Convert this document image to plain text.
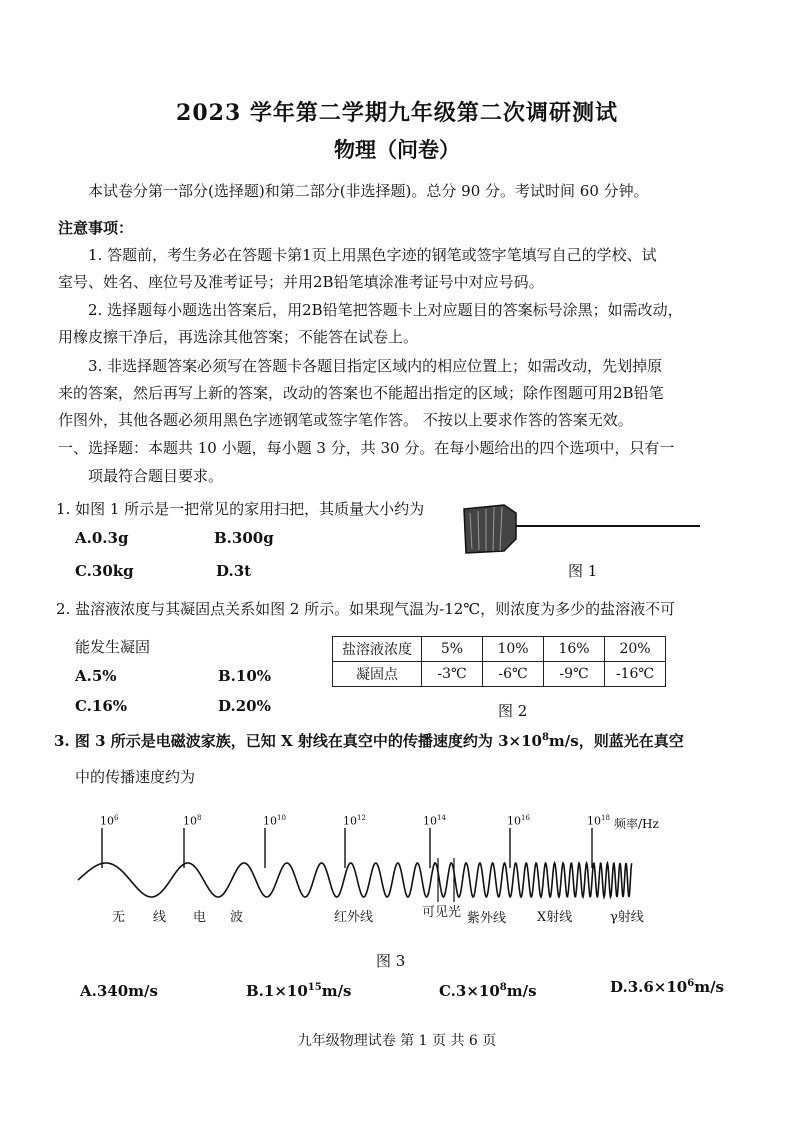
2023 学年第二学期九年级第二次调研测试
物理（问卷）
本试卷分第一部分(选择题)和第二部分(非选择题)。总分 90 分。考试时间 60 分钟。
注意事项：
1. 答题前，考生务必在答题卡第1页上用黑色字迹的钢笔或签字笔填写自己的学校、试
室号、姓名、座位号及准考证号；并用2B铅笔填涂准考证号中对应号码。
2. 选择题每小题选出答案后，用2B铅笔把答题卡上对应题目的答案标号涂黑；如需改动，
用橡皮擦干净后，再选涂其他答案；不能答在试卷上。
3. 非选择题答案必须写在答题卡各题目指定区域内的相应位置上；如需改动，先划掉原
来的答案，然后再写上新的答案，改动的答案也不能超出指定的区域；除作图题可用2B铅笔
作图外，其他各题必须用黑色字迹钢笔或签字笔作答。 不按以上要求作答的答案无效。
一、选择题：本题共 10 小题，每小题 3 分，共 30 分。在每小题给出的四个选项中，只有一
项最符合题目要求。
1. 如图 1 所示是一把常见的家用扫把，其质量大小约为
A.0.3g	B.300g
C.30kg	D.3t	图 1
2. 盐溶液浓度与其凝固点关系如图 2 所示。如果现气温为-12℃，则浓度为多少的盐溶液不可
能发生凝固
A.5%	B.10%
C.16%	D.20%
盐溶液浓度	5%	10%	16%	20%
凝固点	-3℃	-6℃	-9℃	-16℃
图 2
3. 图 3 所示是电磁波家族，已知 X 射线在真空中的传播速度约为 $3\times 10^8m/s$，则蓝光在真空
中的传播速度约为
$10^6$	$10^8$	$10^{10}$	$10^{12}$	$10^{14}$	$10^{16}$	$10^{18}$ 频率/Hz
无 线 电 波	红外线	可见光 紫外线 X射线	γ射线
图 3
A.340m/s	$B.1\times 10^{15}m/s$	$C.3\times 10^8m/s$	$D.3.6\times 10^6m/s$
九年级物理试卷 第 1 页 共 6 页
